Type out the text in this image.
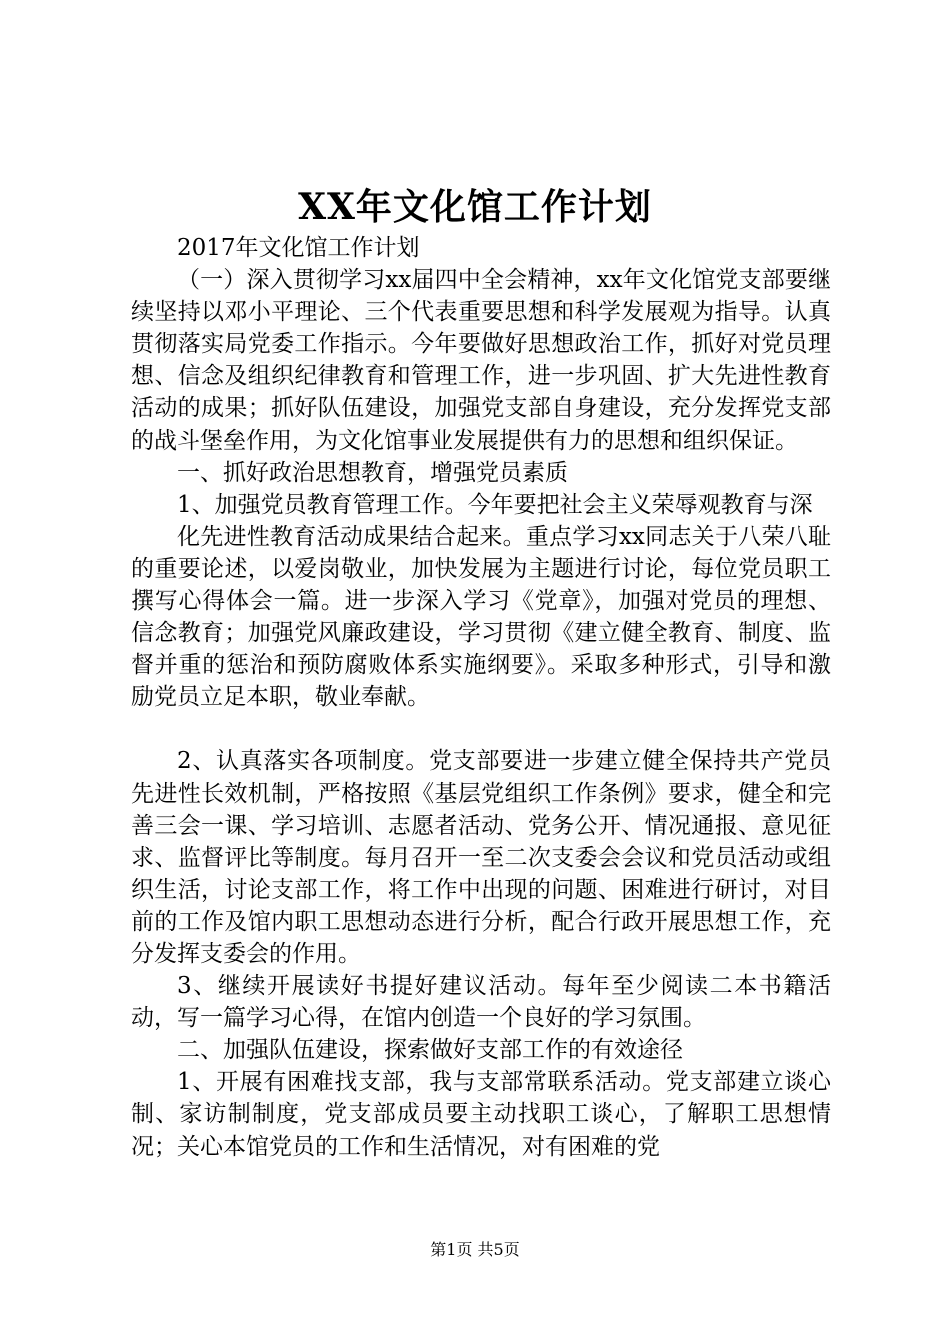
XX年文化馆工作计划

2017年文化馆工作计划

（一）深入贯彻学习xx届四中全会精神，xx年文化馆党支部要继续坚持以邓小平理论、三个代表重要思想和科学发展观为指导。认真贯彻落实局党委工作指示。今年要做好思想政治工作，抓好对党员理想、信念及组织纪律教育和管理工作，进一步巩固、扩大先进性教育活动的成果；抓好队伍建设，加强党支部自身建设，充分发挥党支部的战斗堡垒作用，为文化馆事业发展提供有力的思想和组织保证。

一、抓好政治思想教育，增强党员素质

1、加强党员教育管理工作。今年要把社会主义荣辱观教育与深

化先进性教育活动成果结合起来。重点学习xx同志关于八荣八耻的重要论述，以爱岗敬业，加快发展为主题进行讨论，每位党员职工撰写心得体会一篇。进一步深入学习《党章》，加强对党员的理想、信念教育；加强党风廉政建设，学习贯彻《建立健全教育、制度、监督并重的惩治和预防腐败体系实施纲要》。采取多种形式，引导和激励党员立足本职，敬业奉献。

2、认真落实各项制度。党支部要进一步建立健全保持共产党员先进性长效机制，严格按照《基层党组织工作条例》要求，健全和完善三会一课、学习培训、志愿者活动、党务公开、情况通报、意见征求、监督评比等制度。每月召开一至二次支委会会议和党员活动或组织生活，讨论支部工作，将工作中出现的问题、困难进行研讨，对目前的工作及馆内职工思想动态进行分析，配合行政开展思想工作，充分发挥支委会的作用。

3、继续开展读好书提好建议活动。每年至少阅读二本书籍活动，写一篇学习心得，在馆内创造一个良好的学习氛围。

二、加强队伍建设，探索做好支部工作的有效途径

1、开展有困难找支部，我与支部常联系活动。党支部建立谈心制、家访制制度，党支部成员要主动找职工谈心，了解职工思想情况；关心本馆党员的工作和生活情况，对有困难的党

第1页 共5页
